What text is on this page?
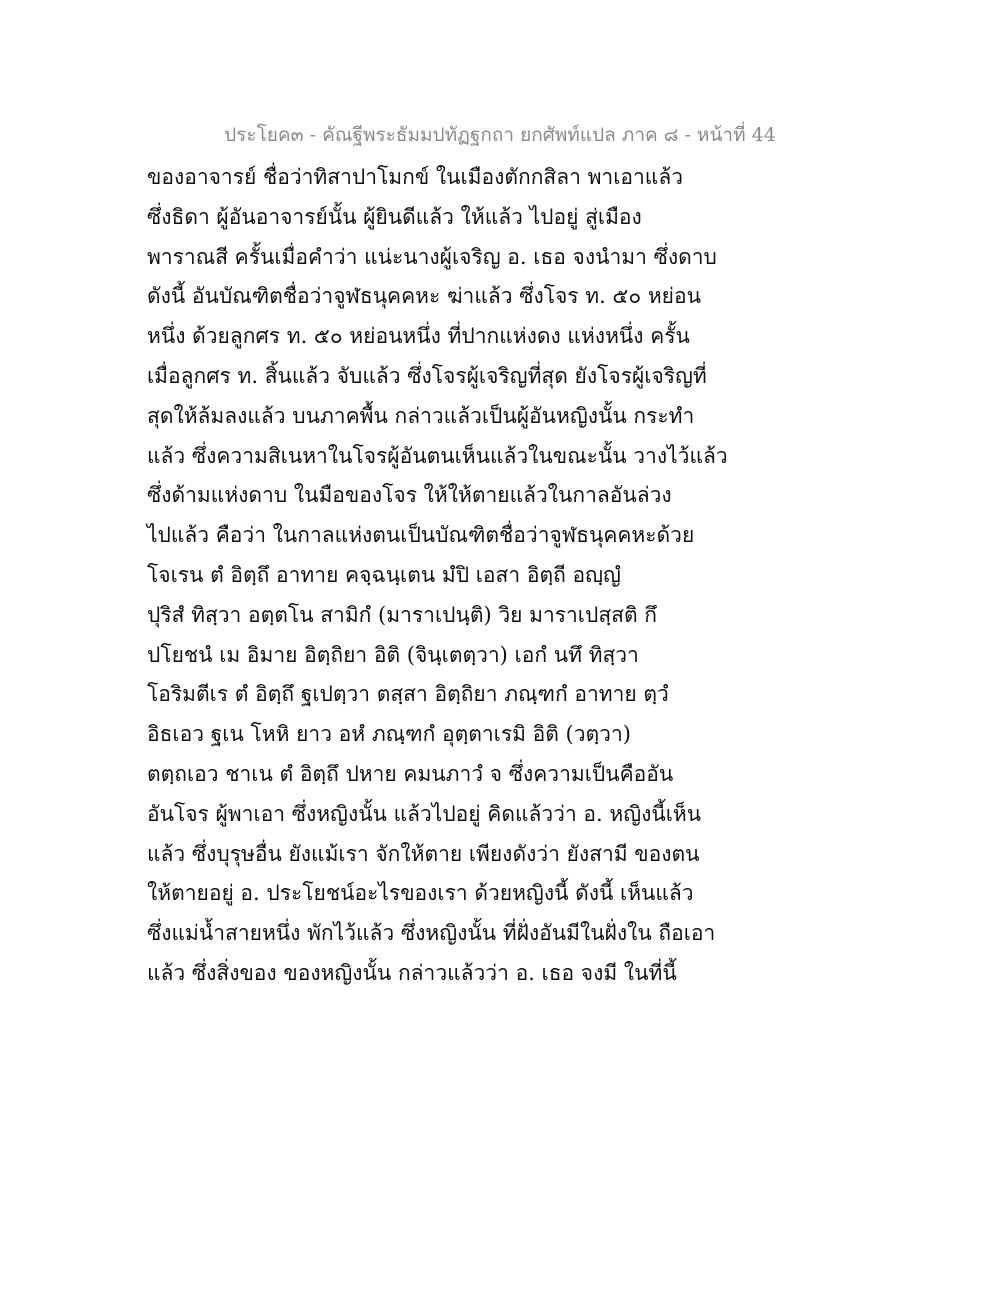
ประโยค๓ - คัณฐีพระธัมมปทัฏฐกถา ยกศัพท์แปล ภาค ๘ - หน้าที่ 44
ของอาจารย์ ชื่อว่าทิสาปาโมกข์ ในเมืองตักกสิลา พาเอาแล้ว
ซึ่งธิดา ผู้อันอาจารย์นั้น ผู้ยินดีแล้ว ให้แล้ว ไปอยู่ สู่เมือง
พาราณสี ครั้นเมื่อคำว่า แน่ะนางผู้เจริญ อ. เธอ จงนำมา ซึ่งดาบ
ดังนี้ อันบัณฑิตชื่อว่าจูฬธนุคคหะ ฆ่าแล้ว ซึ่งโจร ท. ๕๐ หย่อน
หนึ่ง ด้วยลูกศร ท. ๕๐ หย่อนหนึ่ง ที่ปากแห่งดง แห่งหนึ่ง ครั้น
เมื่อลูกศร ท. สิ้นแล้ว จับแล้ว ซึ่งโจรผู้เจริญที่สุด ยังโจรผู้เจริญที่
สุดให้ล้มลงแล้ว บนภาคพื้น กล่าวแล้วเป็นผู้อันหญิงนั้น กระทำ
แล้ว ซึ่งความสิเนหาในโจรผู้อันตนเห็นแล้วในขณะนั้น วางไว้แล้ว
ซึ่งด้ามแห่งดาบ ในมือของโจร ให้ให้ตายแล้วในกาลอันล่วง
ไปแล้ว คือว่า ในกาลแห่งตนเป็นบัณฑิตชื่อว่าจูฬธนุคคหะด้วย
โจเรน ตํ อิตฺถึ อาทาย คจฺฉนฺเตน มํปิ เอสา อิตฺถี อญฺญํ
ปุริสํ ทิสฺวา อตฺตโน สามิกํ (มาราเปนฺติ) วิย มาราเปสฺสติ กึ
ปโยชนํ เม อิมาย อิตฺถิยา อิติ (จินฺเตตฺวา) เอกํ นทึ ทิสฺวา
โอริมตีเร ตํ อิตฺถึ ฐเปตฺวา ตสฺสา อิตฺถิยา ภณฺฑกํ อาทาย ตฺวํ
อิธเอว ฐเน โหหิ ยาว อหํ ภณฺฑกํ อุตฺตาเรมิ อิติ (วตฺวา)
ตตฺถเอว ชาเน ตํ อิตฺถึ ปหาย คมนภาวํ จ ซึ่งความเป็นคืออัน
อันโจร ผู้พาเอา ซึ่งหญิงนั้น แล้วไปอยู่ คิดแล้วว่า อ. หญิงนี้เห็น
แล้ว ซึ่งบุรุษอื่น ยังแม้เรา จักให้ตาย เพียงดังว่า ยังสามี ของตน
ให้ตายอยู่ อ. ประโยชน์อะไรของเรา ด้วยหญิงนี้ ดังนี้ เห็นแล้ว
ซึ่งแม่น้ำสายหนึ่ง พักไว้แล้ว ซึ่งหญิงนั้น ที่ฝั่งอันมีในฝั่งใน ถือเอา
แล้ว ซึ่งสิ่งของ ของหญิงนั้น กล่าวแล้วว่า อ. เธอ จงมี ในที่นี้
